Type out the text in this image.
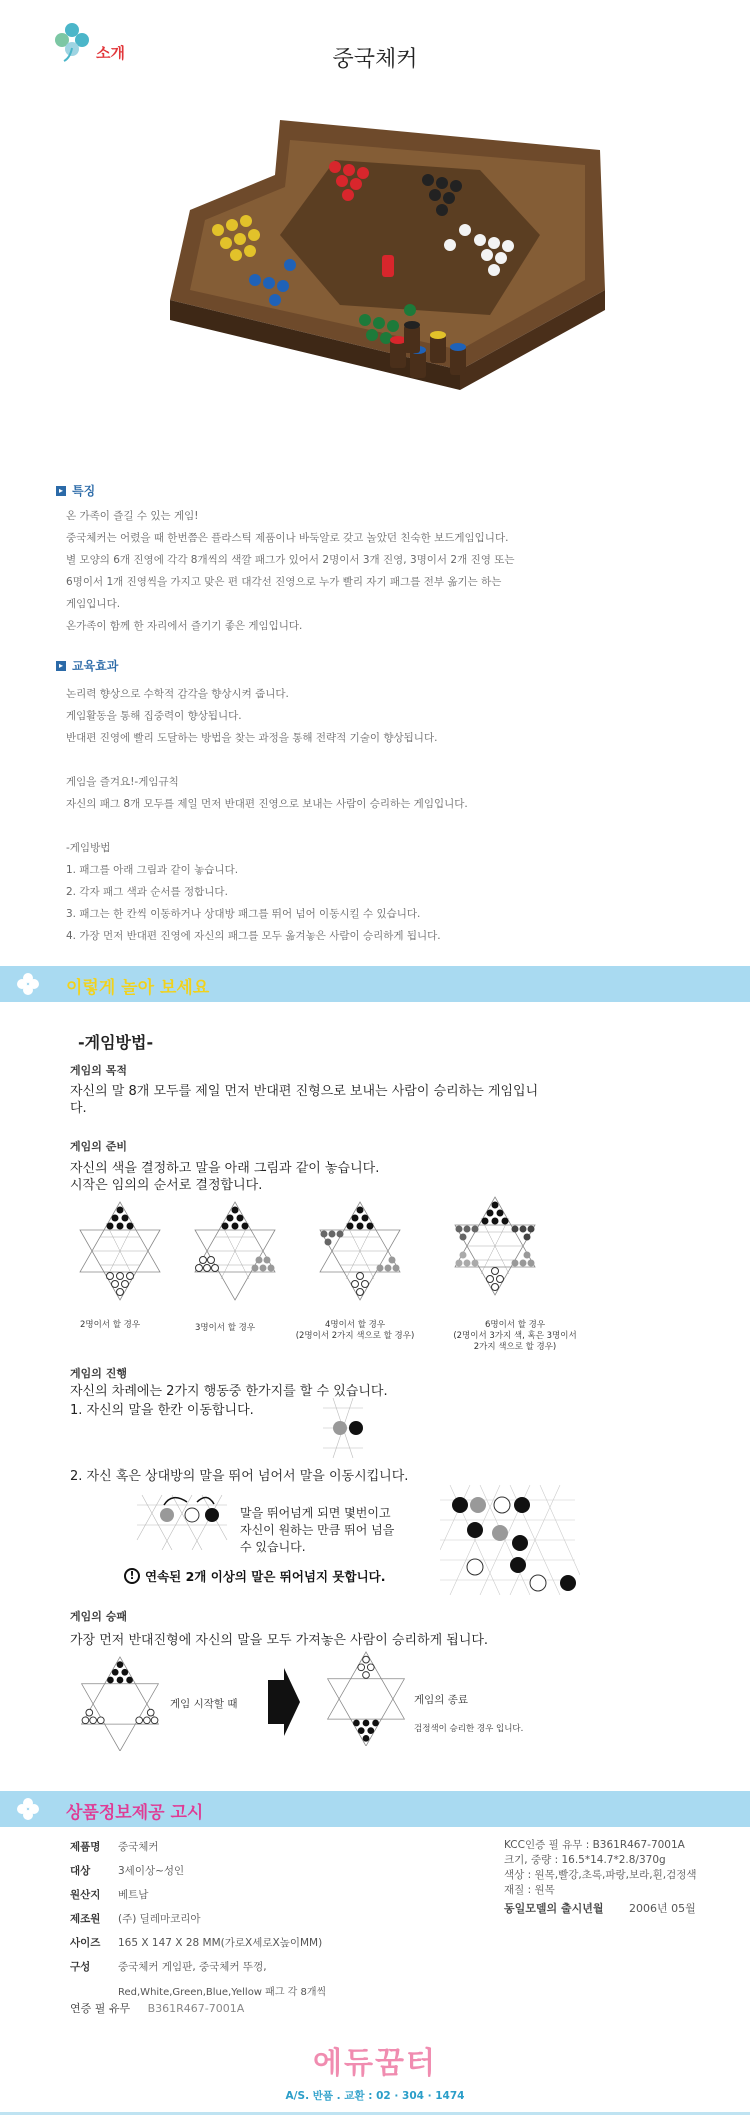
소개	중국체커
▸ 특징
온 가족이 즐길 수 있는 게임!
중국체커는 어렸을 때 한번쯤은 플라스틱 제품이나 바둑알로 갖고 놀았던 친숙한 보드게임입니다.
별 모양의 6개 진영에 각각 8개씩의 색깔 패그가 있어서 2명이서 3개 진영, 3명이서 2개 진영 또는
6명이서 1개 진영씩을 가지고 맞은 편 대각선 진영으로 누가 빨리 자기 패그를 전부 옮기는 하는
게임입니다.
온가족이 함께 한 자리에서 즐기기 좋은 게임입니다.
▸ 교육효과
논리력 향상으로 수학적 감각을 향상시켜 줍니다.
게임활동을 통해 집중력이 향상됩니다.
반대편 진영에 빨리 도달하는 방법을 찾는 과정을 통해 전략적 기술이 향상됩니다.
게임을 즐겨요!-게임규칙
자신의 패그 8개 모두를 제일 먼저 반대편 진영으로 보내는 사람이 승리하는 게임입니다.
-게임방법
1. 패그를 아래 그림과 같이 놓습니다.
2. 각자 패그 색과 순서를 정합니다.
3. 패그는 한 칸씩 이동하거나 상대방 패그를 뛰어 넘어 이동시킬 수 있습니다.
4. 가장 먼저 반대편 진영에 자신의 패그를 모두 옮겨놓은 사람이 승리하게 됩니다.
이렇게 놀아 보세요
-게임방법-
게임의 목적
자신의 말 8개 모두를 제일 먼저 반대편 진형으로 보내는 사람이 승리하는 게임입니다.
게임의 준비
자신의 색을 결정하고 말을 아래 그림과 같이 놓습니다.
시작은 임의의 순서로 결정합니다.
2명이서 할 경우	3명이서 할 경우	4명이서 할 경우
(2명이서 2가지 색으로 할 경우)
6명이서 할 경우
(2명이서 3가지 색, 혹은 3명이서
2가지 색으로 할 경우)
게임의 진행
자신의 차례에는 2가지 행동중 한가지를 할 수 있습니다.
1. 자신의 말을 한칸 이동합니다.
2. 자신 혹은 상대방의 말을 뛰어 넘어서 말을 이동시킵니다.
말을 뛰어넘게 되면 몇번이고
자신이 원하는 만큼 뛰어 넘을
수 있습니다.
! 연속된 2개 이상의 말은 뛰어넘지 못합니다.
게임의 승패
가장 먼저 반대진형에 자신의 말을 모두 가져놓은 사람이 승리하게 됩니다.
게임 시작할 때	게임의 종료
검정색이 승리한 경우 입니다.
상품정보제공 고시
제품명	중국체커
대상	3세이상~성인
원산지	베트남
제조원	(주) 딜레마코리아
사이즈	165 X 147 X 28 MM(가로X세로X높이MM)
구성	중국체커 게임판, 중국체커 뚜껑,
	Red,White,Green,Blue,Yellow 패그 각 8개씩
연증 필 유무 B361R467-7001A
KCC인증 필 유무 : B361R467-7001A
크기, 중량 : 16.5*14.7*2.8/370g
색상 : 원목,빨강,초록,파랑,보라,흰,검정색
재질 : 원목
동일모델의 출시년월 2006년 05월
에듀꿈터
A/S. 반품 . 교환 : 02 · 304 · 1474
